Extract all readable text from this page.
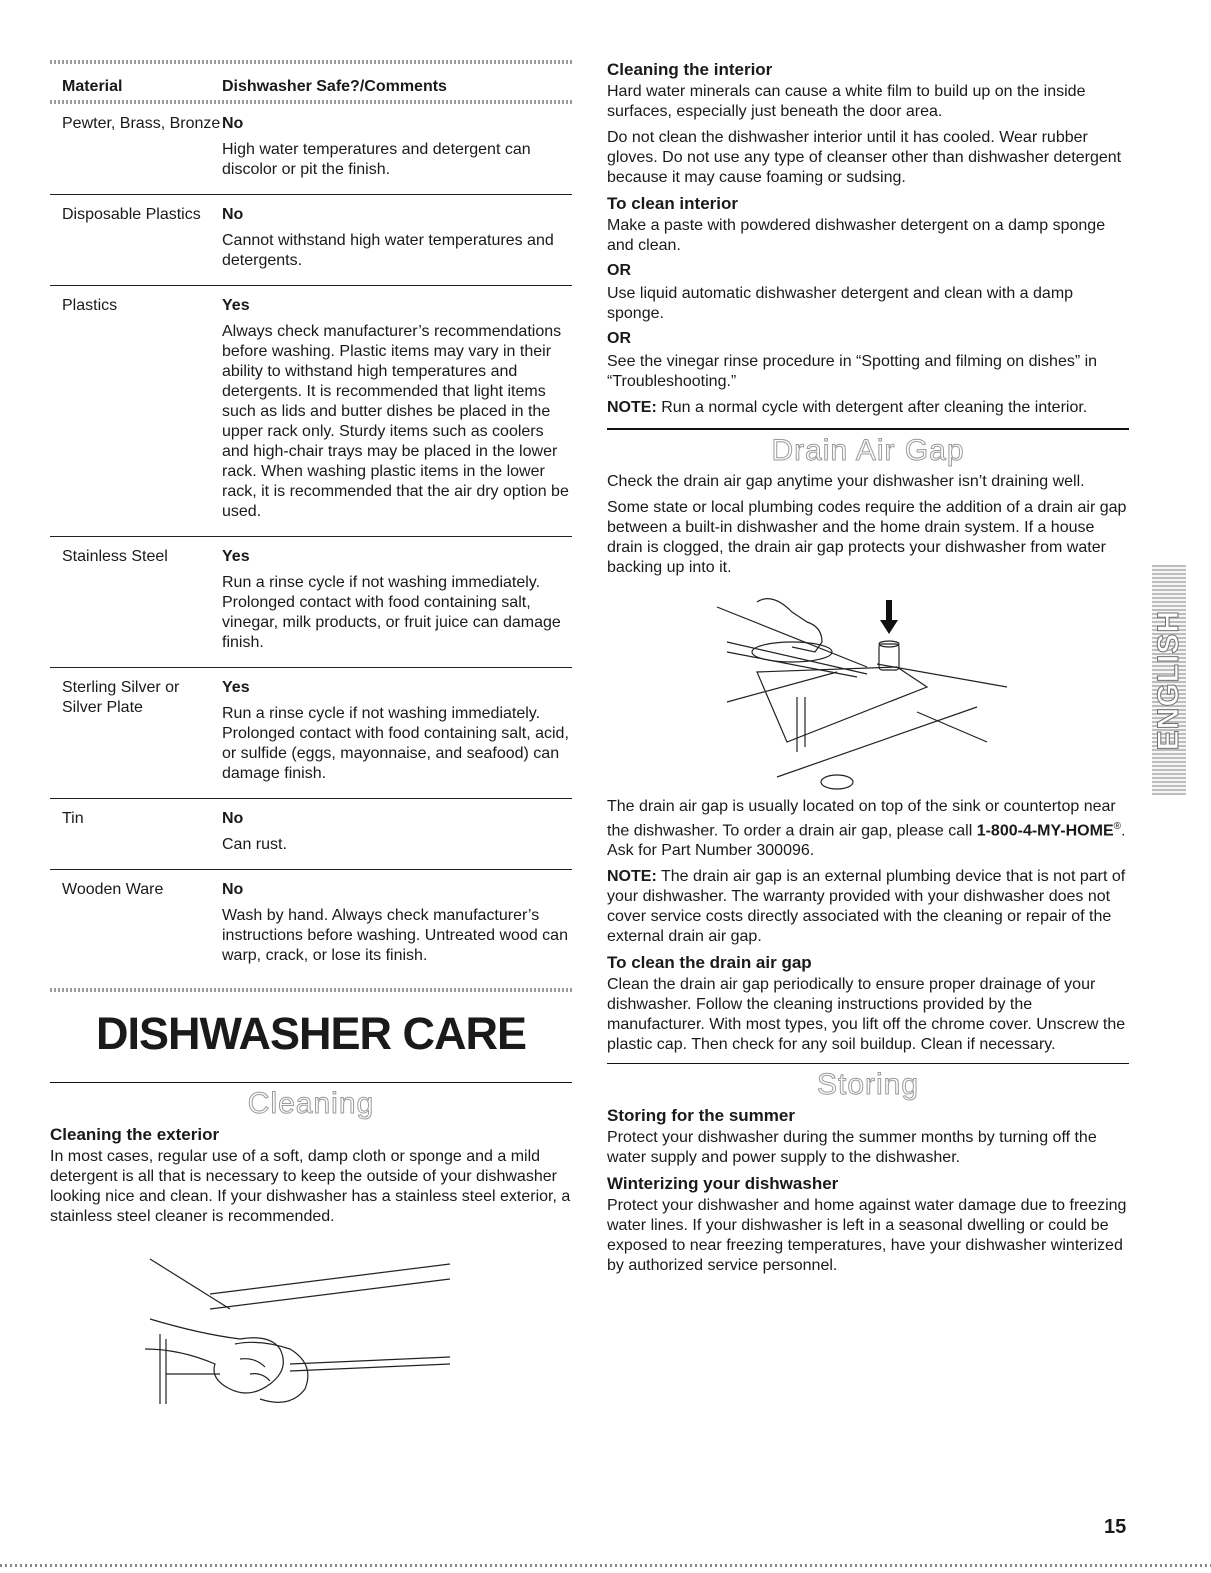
Material	Dishwasher Safe?/Comments
Pewter, Brass, Bronze	No
High water temperatures and detergent can discolor or pit the finish.

Disposable Plastics	No
Cannot withstand high water temperatures and detergents.

Plastics	Yes
Always check manufacturer’s recommendations before washing. Plastic items may vary in their ability to withstand high temperatures and detergents. It is recommended that light items such as lids and butter dishes be placed in the upper rack only. Sturdy items such as coolers and high-chair trays may be placed in the lower rack. When washing plastic items in the lower rack, it is recommended that the air dry option be used.

Stainless Steel	Yes
Run a rinse cycle if not washing immediately. Prolonged contact with food containing salt, vinegar, milk products, or fruit juice can damage finish.

Sterling Silver or Silver Plate	Yes
Run a rinse cycle if not washing immediately. Prolonged contact with food containing salt, acid, or sulfide (eggs, mayonnaise, and seafood) can damage finish.

Tin	No
Can rust.

Wooden Ware	No
Wash by hand. Always check manufacturer’s instructions before washing. Untreated wood can warp, crack, or lose its finish.
DISHWASHER CARE
Cleaning
Cleaning the exterior

In most cases, regular use of a soft, damp cloth or sponge and a mild detergent is all that is necessary to keep the outside of your dishwasher looking nice and clean. If your dishwasher has a stainless steel exterior, a stainless steel cleaner is recommended.

Cleaning the interior

Hard water minerals can cause a white film to build up on the inside surfaces, especially just beneath the door area.

Do not clean the dishwasher interior until it has cooled. Wear rubber gloves. Do not use any type of cleanser other than dishwasher detergent because it may cause foaming or sudsing.

To clean interior

Make a paste with powdered dishwasher detergent on a damp sponge and clean.

OR

Use liquid automatic dishwasher detergent and clean with a damp sponge.

OR

See the vinegar rinse procedure in “Spotting and filming on dishes” in “Troubleshooting.”

NOTE: Run a normal cycle with detergent after cleaning the interior.

Drain Air Gap

Check the drain air gap anytime your dishwasher isn’t draining well.

Some state or local plumbing codes require the addition of a drain air gap between a built-in dishwasher and the home drain system. If a house drain is clogged, the drain air gap protects your dishwasher from water backing up into it.

The drain air gap is usually located on top of the sink or countertop near the dishwasher. To order a drain air gap, please call 1-800-4-MY-HOME®. Ask for Part Number 300096.

NOTE: The drain air gap is an external plumbing device that is not part of your dishwasher. The warranty provided with your dishwasher does not cover service costs directly associated with the cleaning or repair of the external drain air gap.

To clean the drain air gap

Clean the drain air gap periodically to ensure proper drainage of your dishwasher. Follow the cleaning instructions provided by the manufacturer. With most types, you lift off the chrome cover. Unscrew the plastic cap. Then check for any soil buildup. Clean if necessary.

Storing
Storing for the summer

Protect your dishwasher during the summer months by turning off the water supply and power supply to the dishwasher.

Winterizing your dishwasher

Protect your dishwasher and home against water damage due to freezing water lines. If your dishwasher is left in a seasonal dwelling or could be exposed to near freezing temperatures, have your dishwasher winterized by authorized service personnel.

ENGLISH
15
